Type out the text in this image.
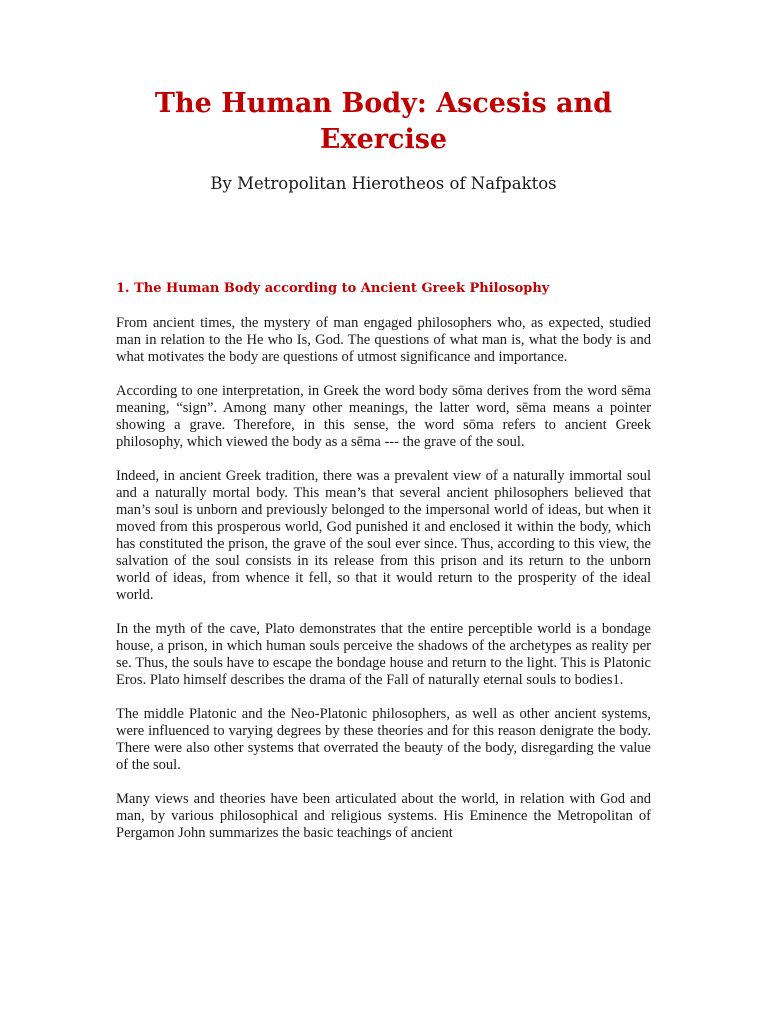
The Human Body: Ascesis and Exercise

By Metropolitan Hierotheos of Nafpaktos

1. The Human Body according to Ancient Greek Philosophy

From ancient times, the mystery of man engaged philosophers who, as expected, studied man in relation to the He who Is, God. The questions of what man is, what the body is and what motivates the body are questions of utmost significance and importance.

According to one interpretation, in Greek the word body sōma derives from the word sēma meaning, “sign”. Among many other meanings, the latter word, sēma means a pointer showing a grave. Therefore, in this sense, the word sōma refers to ancient Greek philosophy, which viewed the body as a sēma --- the grave of the soul.

Indeed, in ancient Greek tradition, there was a prevalent view of a naturally immortal soul and a naturally mortal body. This mean’s that several ancient philosophers believed that man’s soul is unborn and previously belonged to the impersonal world of ideas, but when it moved from this prosperous world, God punished it and enclosed it within the body, which has constituted the prison, the grave of the soul ever since. Thus, according to this view, the salvation of the soul consists in its release from this prison and its return to the unborn world of ideas, from whence it fell, so that it would return to the prosperity of the ideal world.

In the myth of the cave, Plato demonstrates that the entire perceptible world is a bondage house, a prison, in which human souls perceive the shadows of the archetypes as reality per se. Thus, the souls have to escape the bondage house and return to the light. This is Platonic Eros. Plato himself describes the drama of the Fall of naturally eternal souls to bodies1.

The middle Platonic and the Neo-Platonic philosophers, as well as other ancient systems, were influenced to varying degrees by these theories and for this reason denigrate the body. There were also other systems that overrated the beauty of the body, disregarding the value of the soul.

Many views and theories have been articulated about the world, in relation with God and man, by various philosophical and religious systems. His Eminence the Metropolitan of Pergamon John summarizes the basic teachings of ancient
